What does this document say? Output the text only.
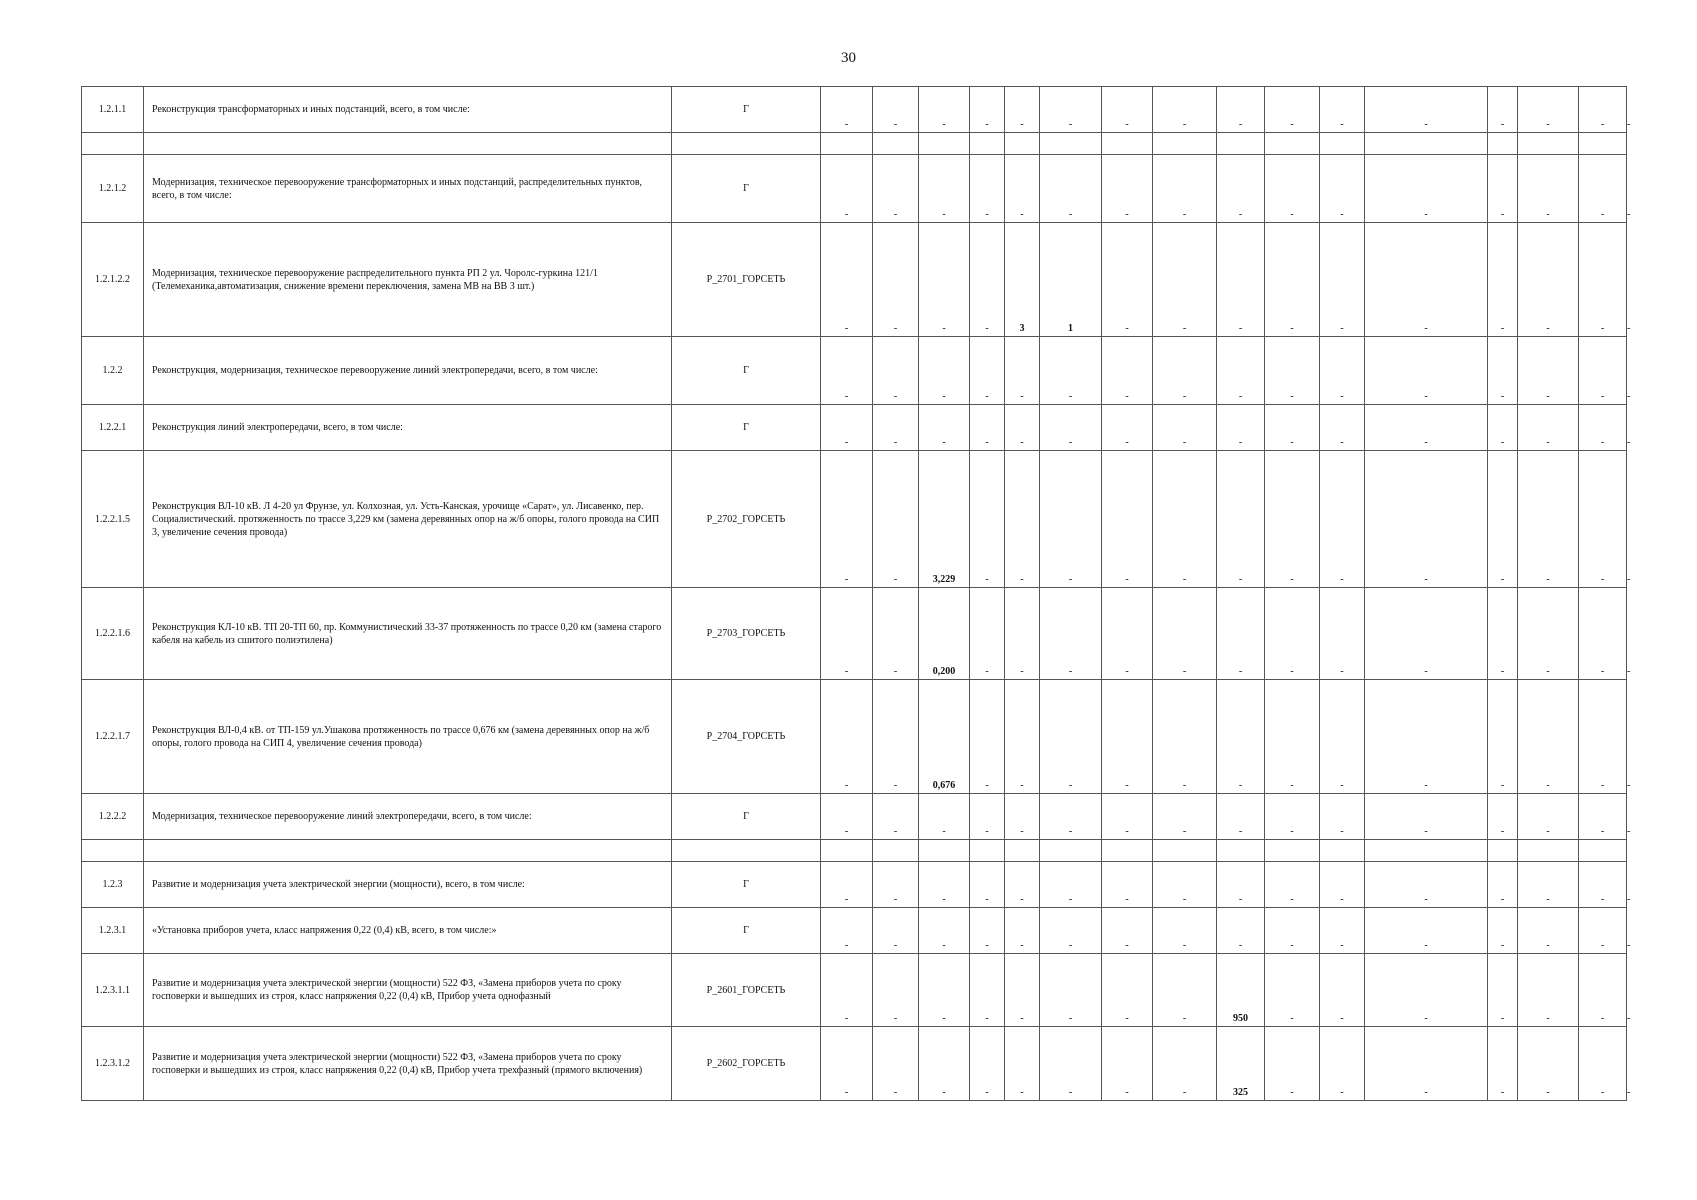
30
1.2.1.1	Реконструкция трансформаторных и иных подстанций, всего, в том числе:	Г	-	-	-	-	-	-	-	-	-	-	-	-	-	-	-	-

1.2.1.2	Модернизация, техническое перевооружение трансформаторных и иных подстанций, распределительных пунктов, всего, в том числе:	Г	-	-	-	-	-	-	-	-	-	-	-	-	-	-	-	-
1.2.1.2.2	Модернизация, техническое перевооружение распределительного пункта РП 2 ул. Чоролс-гуркина 121/1 (Телемеханика,автоматизация, снижение времени переключения, замена МВ на ВВ 3 шт.)	P_2701_ГОРСЕТЬ	-	-	-	-	3	1	-	-	-	-	-	-	-	-	-	-
1.2.2	Реконструкция, модернизация, техническое перевооружение линий электропередачи, всего, в том числе:	Г	-	-	-	-	-	-	-	-	-	-	-	-	-	-	-	-
1.2.2.1	Реконструкция линий электропередачи, всего, в том числе:	Г	-	-	-	-	-	-	-	-	-	-	-	-	-	-	-	-
1.2.2.1.5	Реконструкция ВЛ-10 кВ. Л 4-20 ул Фрунзе, ул. Колхозная, ул. Усть-Канская, урочище «Сарат», ул. Лисавенко, пер. Социалистический. протяженность по трассе 3,229 км (замена деревянных опор на ж/б опоры, голого провода на СИП 3, увеличение сечения провода)	P_2702_ГОРСЕТЬ	-	-	3,229	-	-	-	-	-	-	-	-	-	-	-	-	-
1.2.2.1.6	Реконструкция КЛ-10 кВ. ТП 20-ТП 60, пр. Коммунистический 33-37 протяженность по трассе 0,20 км (замена старого кабеля на кабель из сшитого полиэтилена)	P_2703_ГОРСЕТЬ	-	-	0,200	-	-	-	-	-	-	-	-	-	-	-	-	-
1.2.2.1.7	Реконструкция ВЛ-0,4 кВ. от ТП-159 ул.Ушакова протяженность по трассе 0,676 км (замена деревянных опор на ж/б опоры, голого провода на СИП 4, увеличение сечения провода)	P_2704_ГОРСЕТЬ	-	-	0,676	-	-	-	-	-	-	-	-	-	-	-	-	-
1.2.2.2	Модернизация, техническое перевооружение линий электропередачи, всего, в том числе:	Г	-	-	-	-	-	-	-	-	-	-	-	-	-	-	-	-

1.2.3	Развитие и модернизация учета электрической энергии (мощности), всего, в том числе:	Г	-	-	-	-	-	-	-	-	-	-	-	-	-	-	-	-
1.2.3.1	«Установка приборов учета, класс напряжения 0,22 (0,4) кВ, всего, в том числе:»	Г	-	-	-	-	-	-	-	-	-	-	-	-	-	-	-	-
1.2.3.1.1	Развитие и модернизация учета электрической энергии (мощности) 522 ФЗ, «Замена приборов учета по сроку госповерки и вышедших из строя, класс напряжения 0,22 (0,4) кВ, Прибор учета однофазный	P_2601_ГОРСЕТЬ	-	-	-	-	-	-	-	-	950	-	-	-	-	-	-	-
1.2.3.1.2	Развитие и модернизация учета электрической энергии (мощности) 522 ФЗ, «Замена приборов учета по сроку госповерки и вышедших из строя, класс напряжения 0,22 (0,4) кВ, Прибор учета трехфазный (прямого включения)	P_2602_ГОРСЕТЬ	-	-	-	-	-	-	-	-	325	-	-	-	-	-	-	-
